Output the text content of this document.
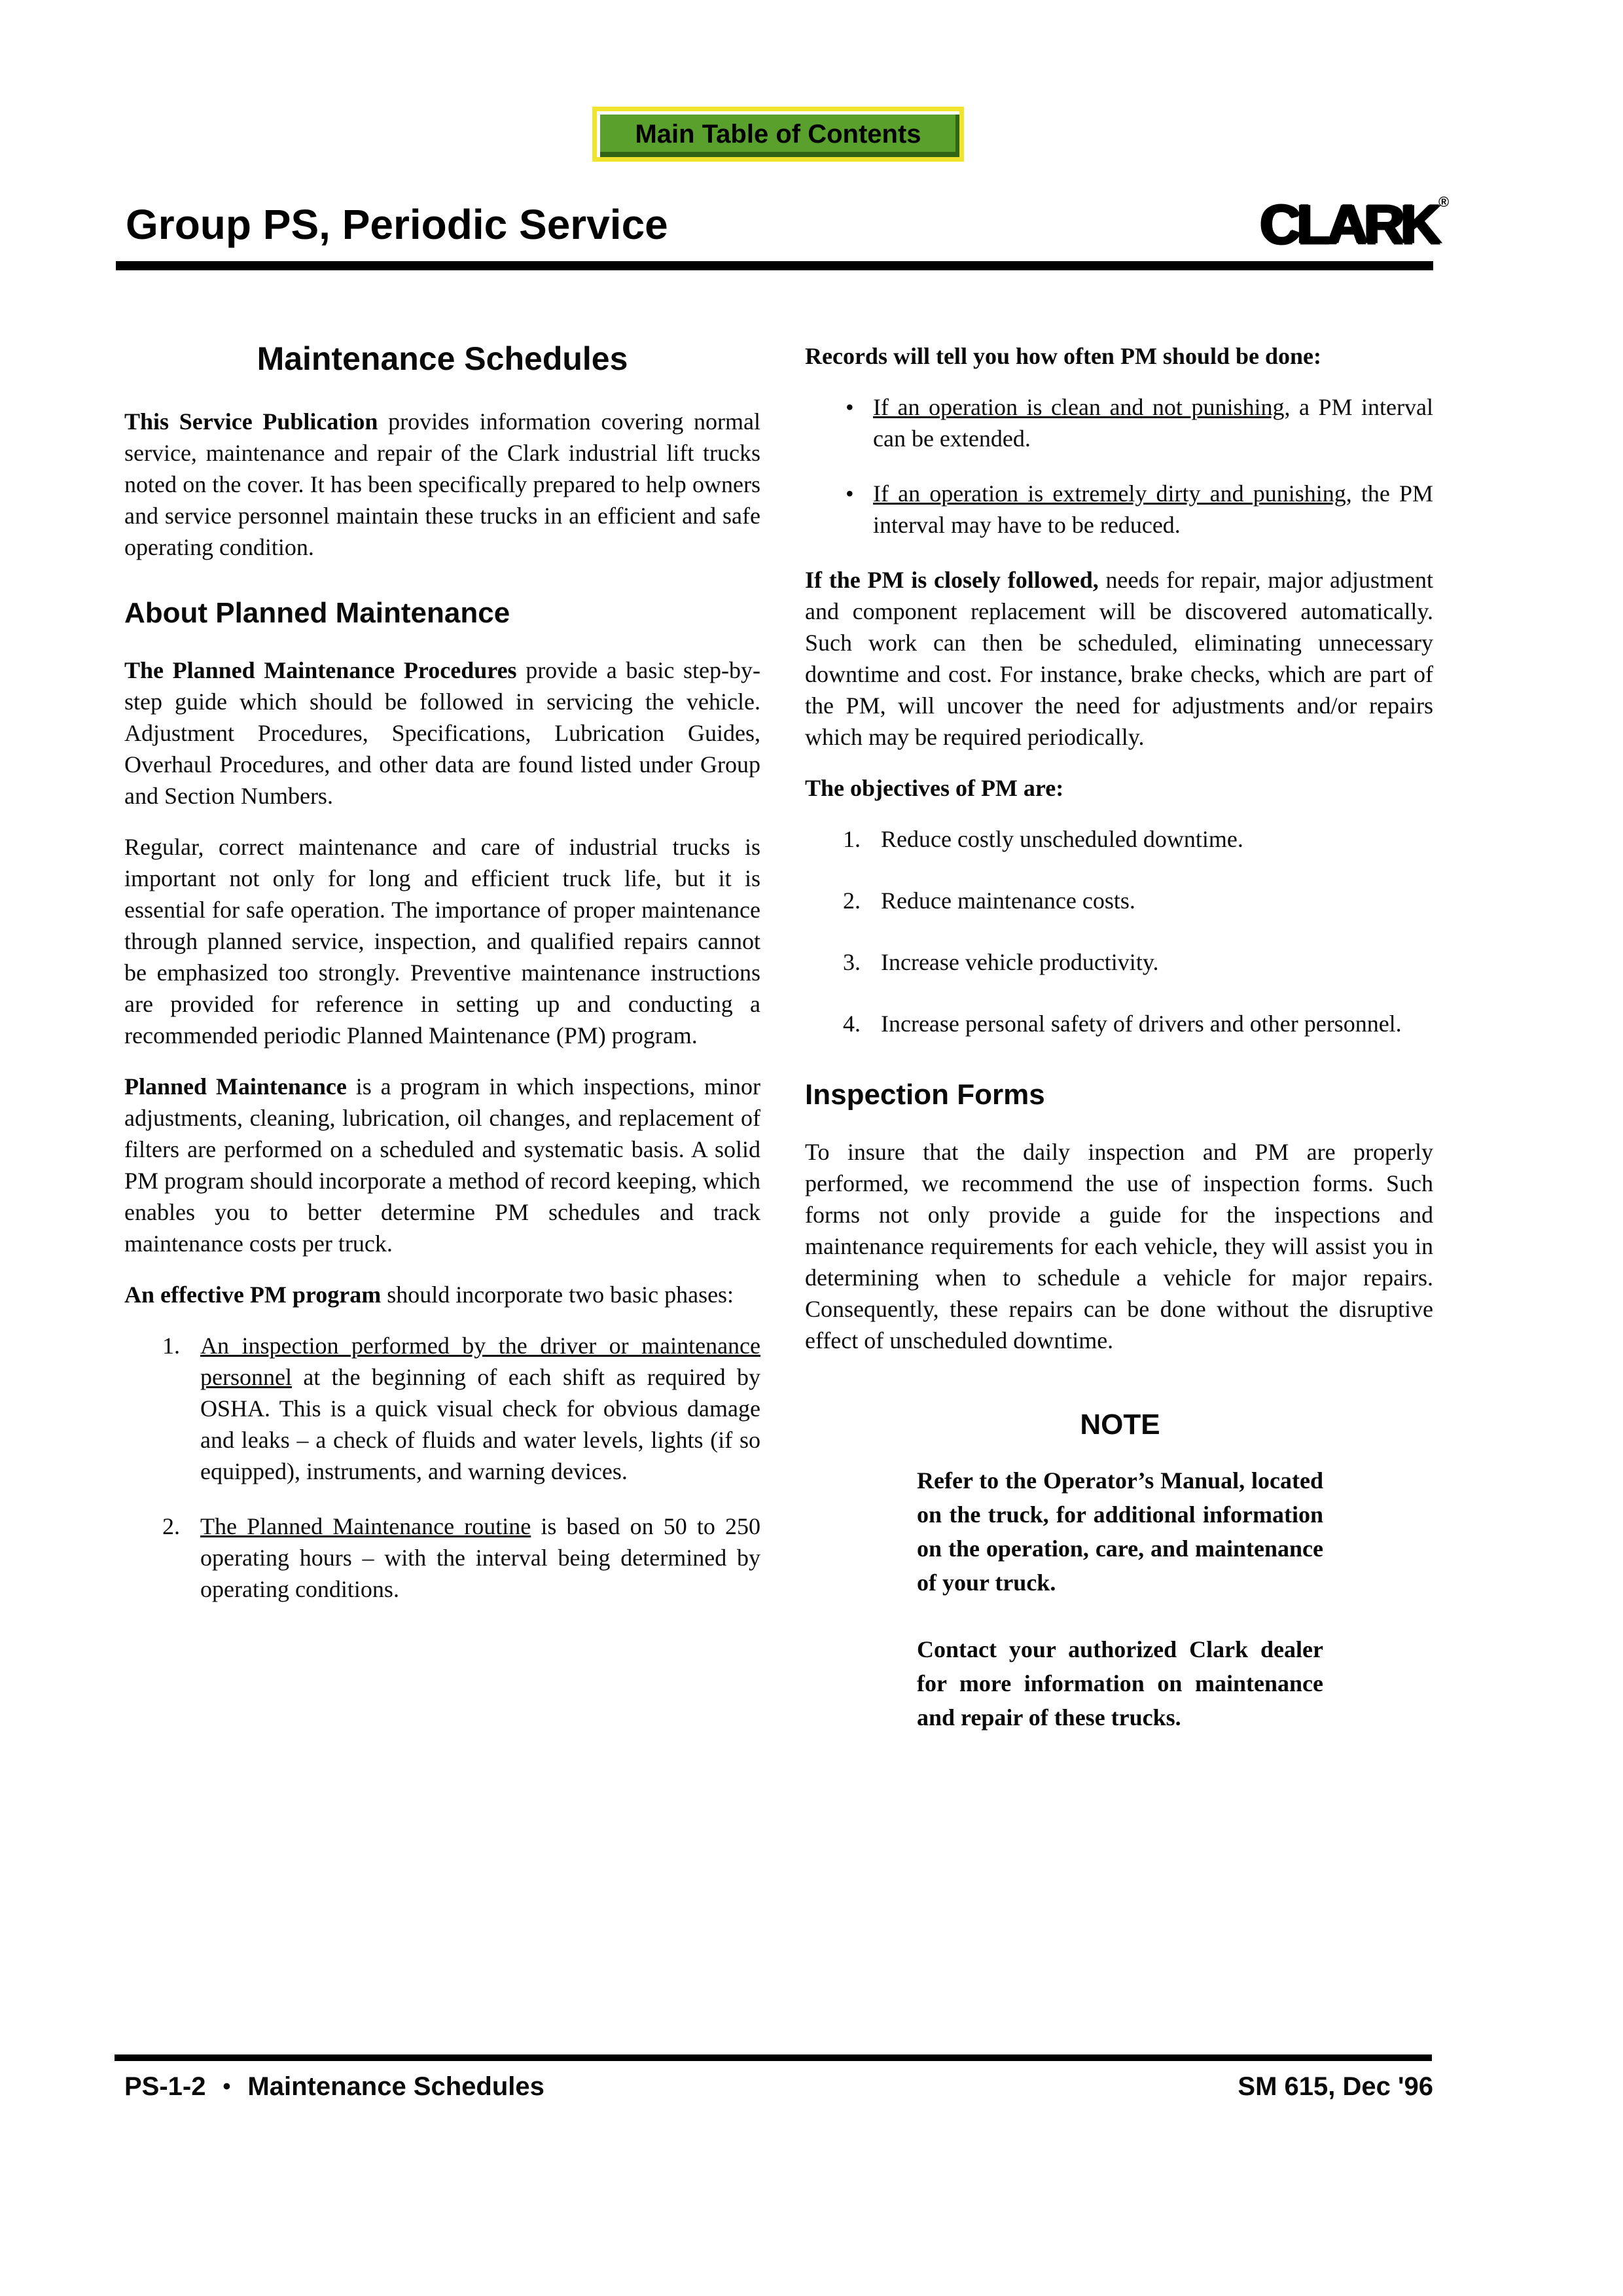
Main Table of Contents
Group PS, Periodic Service	CLARK®
Maintenance Schedules

This Service Publication provides information covering normal service, maintenance and repair of the Clark industrial lift trucks noted on the cover. It has been specifically prepared to help owners and service personnel maintain these trucks in an efficient and safe operating condition.

About Planned Maintenance

The Planned Maintenance Procedures provide a basic step-by-step guide which should be followed in servicing the vehicle. Adjustment Procedures, Specifications, Lubrication Guides, Overhaul Procedures, and other data are found listed under Group and Section Numbers.

Regular, correct maintenance and care of industrial trucks is important not only for long and efficient truck life, but it is essential for safe operation. The importance of proper maintenance through planned service, inspection, and qualified repairs cannot be emphasized too strongly. Preventive maintenance instructions are provided for reference in setting up and conducting a recommended periodic Planned Maintenance (PM) program.

Planned Maintenance is a program in which inspections, minor adjustments, cleaning, lubrication, oil changes, and replacement of filters are performed on a scheduled and systematic basis. A solid PM program should incorporate a method of record keeping, which enables you to better determine PM schedules and track maintenance costs per truck.

An effective PM program should incorporate two basic phases:

1. An inspection performed by the driver or maintenance personnel at the beginning of each shift as required by OSHA. This is a quick visual check for obvious damage and leaks – a check of fluids and water levels, lights (if so equipped), instruments, and warning devices.
2. The Planned Maintenance routine is based on 50 to 250 operating hours – with the interval being determined by operating conditions.

Records will tell you how often PM should be done:

• If an operation is clean and not punishing, a PM interval can be extended.
• If an operation is extremely dirty and punishing, the PM interval may have to be reduced.

If the PM is closely followed, needs for repair, major adjustment and component replacement will be discovered automatically. Such work can then be scheduled, eliminating unnecessary downtime and cost. For instance, brake checks, which are part of the PM, will uncover the need for adjustments and/or repairs which may be required periodically.

The objectives of PM are:

1. Reduce costly unscheduled downtime.
2. Reduce maintenance costs.
3. Increase vehicle productivity.
4. Increase personal safety of drivers and other personnel.
Inspection Forms

To insure that the daily inspection and PM are properly performed, we recommend the use of inspection forms. Such forms not only provide a guide for the inspections and maintenance requirements for each vehicle, they will assist you in determining when to schedule a vehicle for major repairs. Consequently, these repairs can be done without the disruptive effect of unscheduled downtime.

NOTE

Refer to the Operator’s Manual, located on the truck, for additional information on the operation, care, and maintenance of your truck.

Contact your authorized Clark dealer for more information on maintenance and repair of these trucks.

PS-1-2 • Maintenance Schedules	SM 615, Dec '96
